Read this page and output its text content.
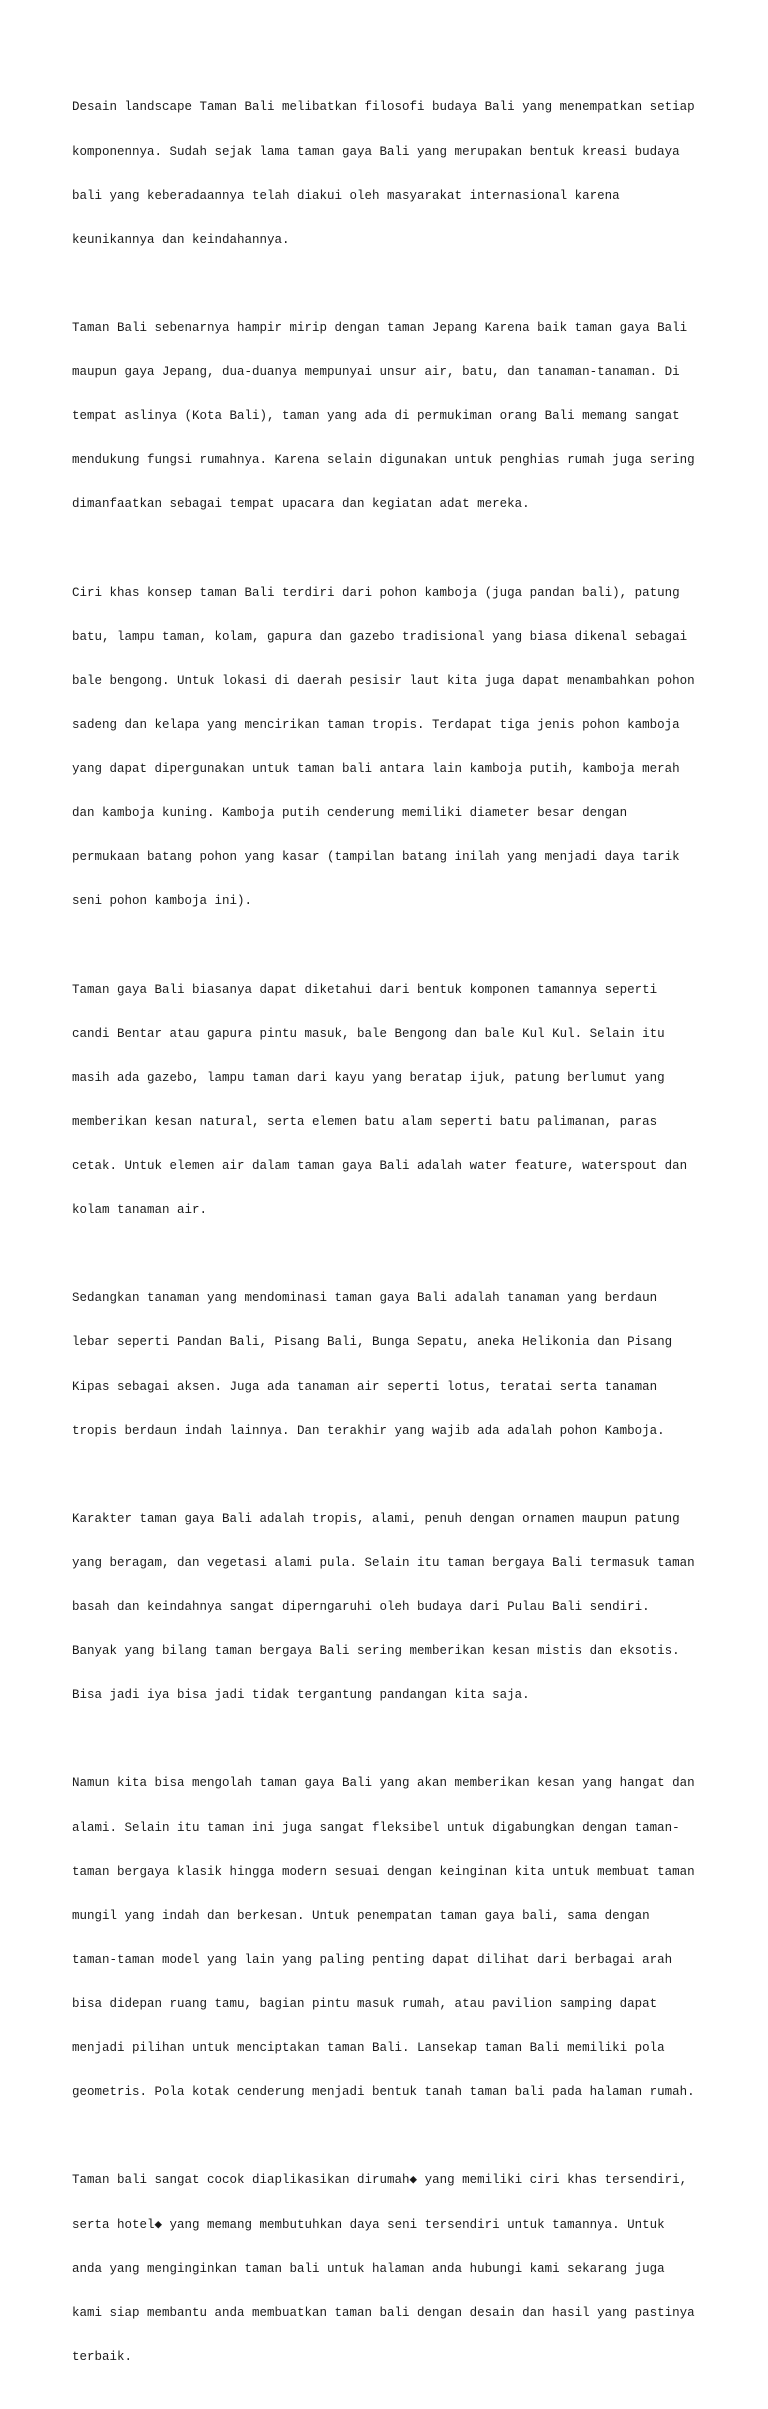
Desain landscape Taman Bali melibatkan filosofi budaya Bali yang menempatkan setiap

komponennya. Sudah sejak lama taman gaya Bali yang merupakan bentuk kreasi budaya

bali yang keberadaannya telah diakui oleh masyarakat internasional karena

keunikannya dan keindahannya.

Taman Bali sebenarnya hampir mirip dengan taman Jepang Karena baik taman gaya Bali

maupun gaya Jepang, dua-duanya mempunyai unsur air, batu, dan tanaman-tanaman. Di

tempat aslinya (Kota Bali), taman yang ada di permukiman orang Bali memang sangat

mendukung fungsi rumahnya. Karena selain digunakan untuk penghias rumah juga sering

dimanfaatkan sebagai tempat upacara dan kegiatan adat mereka.

Ciri khas konsep taman Bali terdiri dari pohon kamboja (juga pandan bali), patung

batu, lampu taman, kolam, gapura dan gazebo tradisional yang biasa dikenal sebagai

bale bengong. Untuk lokasi di daerah pesisir laut kita juga dapat menambahkan pohon

sadeng dan kelapa yang mencirikan taman tropis. Terdapat tiga jenis pohon kamboja

yang dapat dipergunakan untuk taman bali antara lain kamboja putih, kamboja merah

dan kamboja kuning. Kamboja putih cenderung memiliki diameter besar dengan

permukaan batang pohon yang kasar (tampilan batang inilah yang menjadi daya tarik

seni pohon kamboja ini).

Taman gaya Bali biasanya dapat diketahui dari bentuk komponen tamannya seperti

candi Bentar atau gapura pintu masuk, bale Bengong dan bale Kul Kul. Selain itu

masih ada gazebo, lampu taman dari kayu yang beratap ijuk, patung berlumut yang

memberikan kesan natural, serta elemen batu alam seperti batu palimanan, paras

cetak. Untuk elemen air dalam taman gaya Bali adalah water feature, waterspout dan

kolam tanaman air.

Sedangkan tanaman yang mendominasi taman gaya Bali adalah tanaman yang berdaun

lebar seperti Pandan Bali, Pisang Bali, Bunga Sepatu, aneka Helikonia dan Pisang

Kipas sebagai aksen. Juga ada tanaman air seperti lotus, teratai serta tanaman

tropis berdaun indah lainnya. Dan terakhir yang wajib ada adalah pohon Kamboja.

Karakter taman gaya Bali adalah tropis, alami, penuh dengan ornamen maupun patung

yang beragam, dan vegetasi alami pula. Selain itu taman bergaya Bali termasuk taman

basah dan keindahnya sangat diperngaruhi oleh budaya dari Pulau Bali sendiri.

Banyak yang bilang taman bergaya Bali sering memberikan kesan mistis dan eksotis.

Bisa jadi iya bisa jadi tidak tergantung pandangan kita saja.

Namun kita bisa mengolah taman gaya Bali yang akan memberikan kesan yang hangat dan

alami. Selain itu taman ini juga sangat fleksibel untuk digabungkan dengan taman-

taman bergaya klasik hingga modern sesuai dengan keinginan kita untuk membuat taman

mungil yang indah dan berkesan. Untuk penempatan taman gaya bali, sama dengan

taman-taman model yang lain yang paling penting dapat dilihat dari berbagai arah

bisa didepan ruang tamu, bagian pintu masuk rumah, atau pavilion samping dapat

menjadi pilihan untuk menciptakan taman Bali. Lansekap taman Bali memiliki pola

geometris. Pola kotak cenderung menjadi bentuk tanah taman bali pada halaman rumah.

Taman bali sangat cocok diaplikasikan dirumah◆ yang memiliki ciri khas tersendiri,

serta hotel◆ yang memang membutuhkan daya seni tersendiri untuk tamannya. Untuk

anda yang menginginkan taman bali untuk halaman anda hubungi kami sekarang juga

kami siap membantu anda membuatkan taman bali dengan desain dan hasil yang pastinya

terbaik.
